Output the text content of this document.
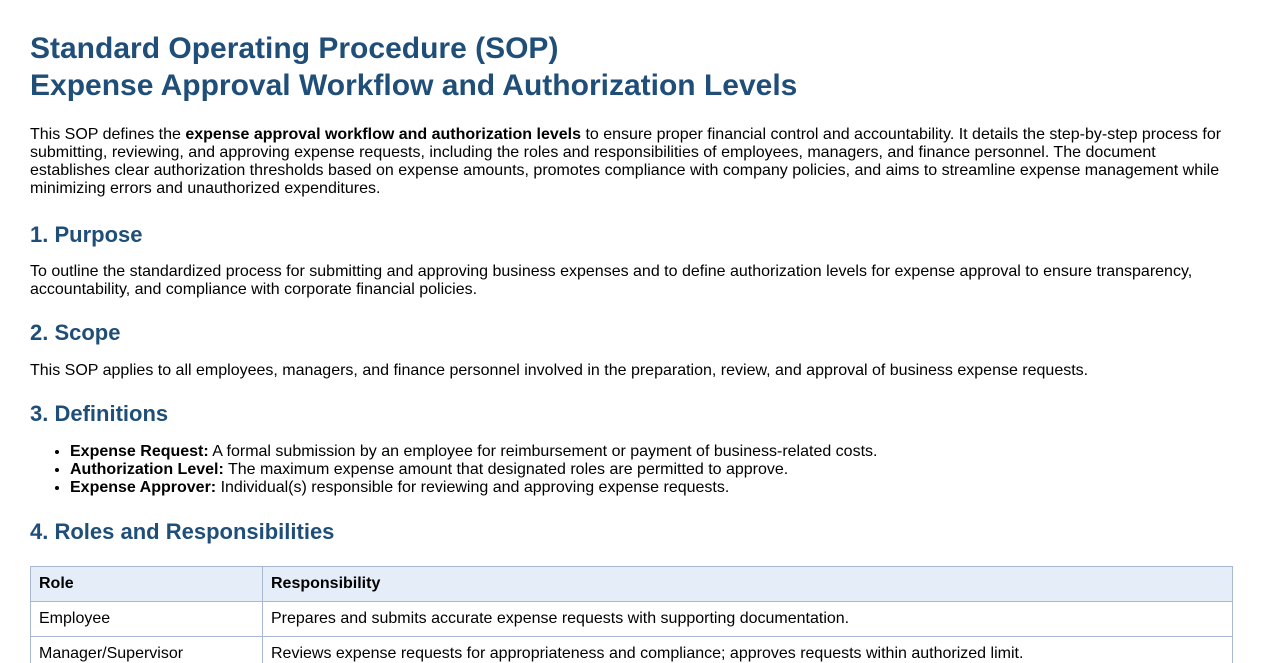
Standard Operating Procedure (SOP)
Expense Approval Workflow and Authorization Levels

This SOP defines the expense approval workflow and authorization levels to ensure proper financial control and accountability. It details the step-by-step process for submitting, reviewing, and approving expense requests, including the roles and responsibilities of employees, managers, and finance personnel. The document establishes clear authorization thresholds based on expense amounts, promotes compliance with company policies, and aims to streamline expense management while minimizing errors and unauthorized expenditures.

1. Purpose

To outline the standardized process for submitting and approving business expenses and to define authorization levels for expense approval to ensure transparency, accountability, and compliance with corporate financial policies.

2. Scope

This SOP applies to all employees, managers, and finance personnel involved in the preparation, review, and approval of business expense requests.

3. Definitions
• Expense Request: A formal submission by an employee for reimbursement or payment of business-related costs.
• Authorization Level: The maximum expense amount that designated roles are permitted to approve.
• Expense Approver: Individual(s) responsible for reviewing and approving expense requests.
4. Roles and Responsibilities
Role	Responsibility
Employee	Prepares and submits accurate expense requests with supporting documentation.
Manager/Supervisor	Reviews expense requests for appropriateness and compliance; approves requests within authorized limit.
